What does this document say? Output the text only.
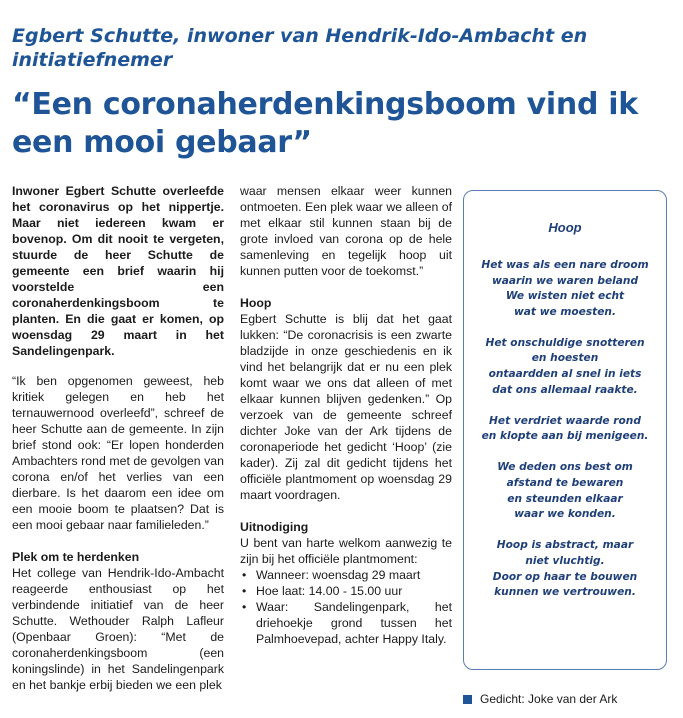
Egbert Schutte, inwoner van Hendrik-Ido-Ambacht en initiatiefnemer
“Een coronaherdenkingsboom vind ik een mooi gebaar”

Inwoner Egbert Schutte overleefde het coronavirus op het nippertje. Maar niet iedereen kwam er bovenop. Om dit nooit te vergeten, stuurde de heer Schutte de gemeente een brief waarin hij voorstelde een coronaherdenkingsboom te planten. En die gaat er komen, op woensdag 29 maart in het Sandelingenpark.

“Ik ben opgenomen geweest, heb kritiek gelegen en heb het ternauwernood overleefd”, schreef de heer Schutte aan de gemeente. In zijn brief stond ook: “Er lopen honderden Ambachters rond met de gevolgen van corona en/of het verlies van een dierbare. Is het daarom een idee om een mooie boom te plaatsen? Dat is een mooi gebaar naar familieleden.”

Plek om te herdenken

Het college van Hendrik-Ido-Ambacht reageerde enthousiast op het verbindende initiatief van de heer Schutte. Wethouder Ralph Lafleur (Openbaar Groen): “Met de coronaherdenkingsboom (een koningslinde) in het Sandelingenpark en het bankje erbij bieden we een plek

waar mensen elkaar weer kunnen ontmoeten. Een plek waar we alleen of met elkaar stil kunnen staan bij de grote invloed van corona op de hele samenleving en tegelijk hoop uit kunnen putten voor de toekomst.”

Hoop

Egbert Schutte is blij dat het gaat lukken: “De coronacrisis is een zwarte bladzijde in onze geschiedenis en ik vind het belangrijk dat er nu een plek komt waar we ons dat alleen of met elkaar kunnen blijven gedenken.” Op verzoek van de gemeente schreef dichter Joke van der Ark tijdens de coronaperiode het gedicht ‘Hoop’ (zie kader). Zij zal dit gedicht tijdens het officiële plantmoment op woensdag 29 maart voordragen.

Uitnodiging

U bent van harte welkom aanwezig te zijn bij het officiële plantmoment:

• Wanneer: woensdag 29 maart
• Hoe laat: 14.00 - 15.00 uur
• Waar: Sandelingenpark, het driehoekje grond tussen het Palmhoevepad, achter Happy Italy.
Hoop
Het was als een nare droom
waarin we waren beland
We wisten niet echt
wat we moesten.
Het onschuldige snotteren
en hoesten
ontaardden al snel in iets
dat ons allemaal raakte.
Het verdriet waarde rond
en klopte aan bij menigeen.
We deden ons best om
afstand te bewaren
en steunden elkaar
waar we konden.
Hoop is abstract, maar
niet vluchtig.
Door op haar te bouwen
kunnen we vertrouwen.
Gedicht: Joke van der Ark
